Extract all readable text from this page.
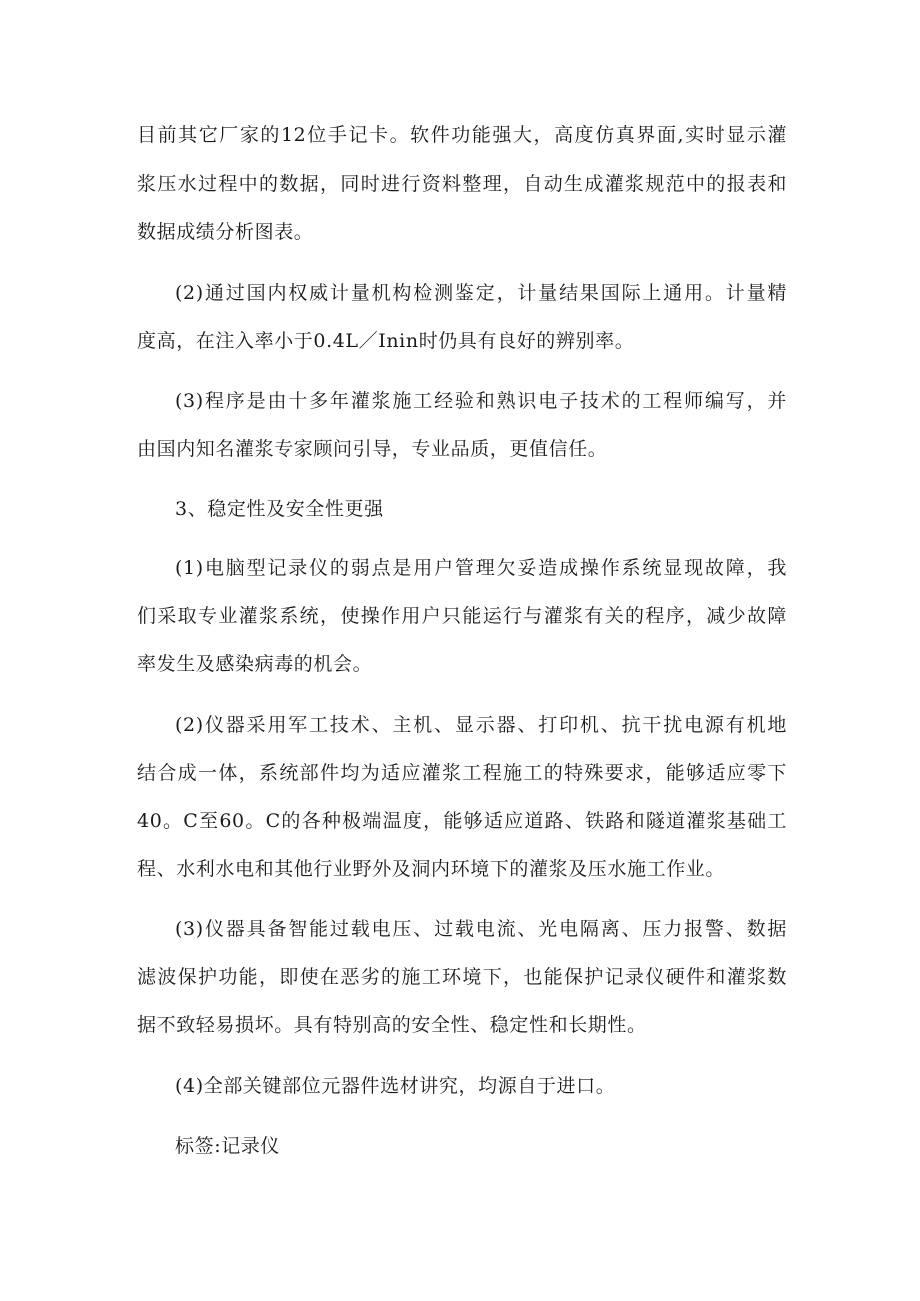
目前其它厂家的12位手记卡。软件功能强大，高度仿真界面,实时显示灌
浆压水过程中的数据，同时进行资料整理，自动生成灌浆规范中的报表和
数据成绩分析图表。
(2)通过国内权威计量机构检测鉴定，计量结果国际上通用。计量精
度高，在注入率小于0.4L／Inin时仍具有良好的辨别率。
(3)程序是由十多年灌浆施工经验和熟识电子技术的工程师编写，并
由国内知名灌浆专家顾问引导，专业品质，更值信任。
3、稳定性及安全性更强
(1)电脑型记录仪的弱点是用户管理欠妥造成操作系统显现故障，我
们采取专业灌浆系统，使操作用户只能运行与灌浆有关的程序，减少故障
率发生及感染病毒的机会。
(2)仪器采用军工技术、主机、显示器、打印机、抗干扰电源有机地
结合成一体，系统部件均为适应灌浆工程施工的特殊要求，能够适应零下
40。C至60。C的各种极端温度，能够适应道路、铁路和隧道灌浆基础工
程、水利水电和其他行业野外及洞内环境下的灌浆及压水施工作业。
(3)仪器具备智能过载电压、过载电流、光电隔离、压力报警、数据
滤波保护功能，即使在恶劣的施工环境下，也能保护记录仪硬件和灌浆数
据不致轻易损坏。具有特别高的安全性、稳定性和长期性。
(4)全部关键部位元器件选材讲究，均源自于进口。
标签:记录仪
